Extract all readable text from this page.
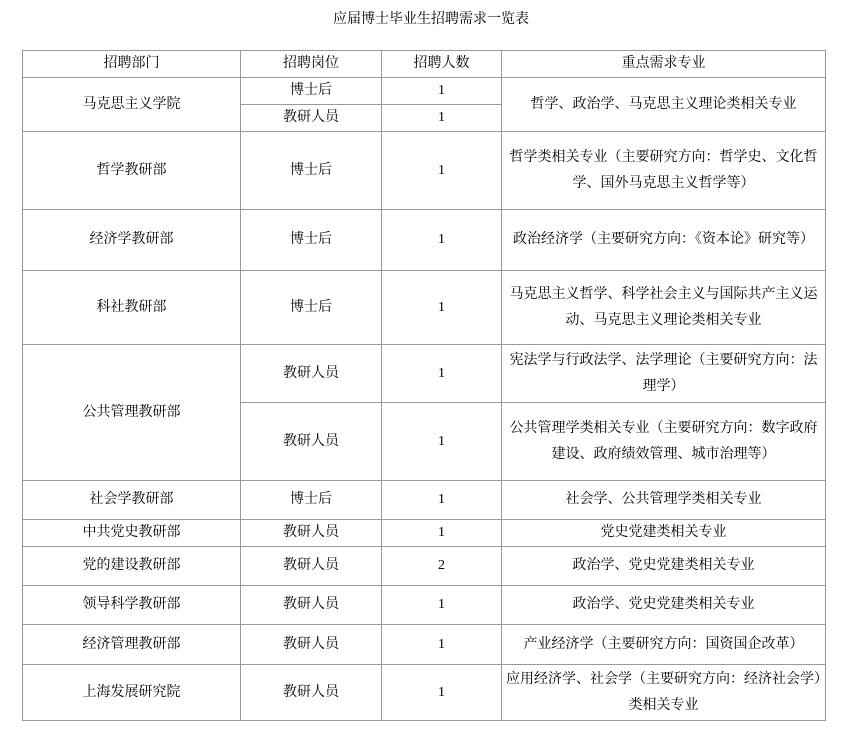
应届博士毕业生招聘需求一览表
招聘部门	招聘岗位	招聘人数	重点需求专业
马克思主义学院	博士后	1	哲学、政治学、马克思主义理论类相关专业
	教研人员	1	
哲学教研部	博士后	1	哲学类相关专业（主要研究方向：哲学史、文化哲学、国外马克思主义哲学等）
经济学教研部	博士后	1	政治经济学（主要研究方向：《资本论》研究等）
科社教研部	博士后	1	马克思主义哲学、科学社会主义与国际共产主义运动、马克思主义理论类相关专业
公共管理教研部	教研人员	1	宪法学与行政法学、法学理论（主要研究方向：法理学）
	教研人员	1	公共管理学类相关专业（主要研究方向：数字政府建设、政府绩效管理、城市治理等）
社会学教研部	博士后	1	社会学、公共管理学类相关专业
中共党史教研部	教研人员	1	党史党建类相关专业
党的建设教研部	教研人员	2	政治学、党史党建类相关专业
领导科学教研部	教研人员	1	政治学、党史党建类相关专业
经济管理教研部	教研人员	1	产业经济学（主要研究方向：国资国企改革）
上海发展研究院	教研人员	1	应用经济学、社会学（主要研究方向：经济社会学）类相关专业
